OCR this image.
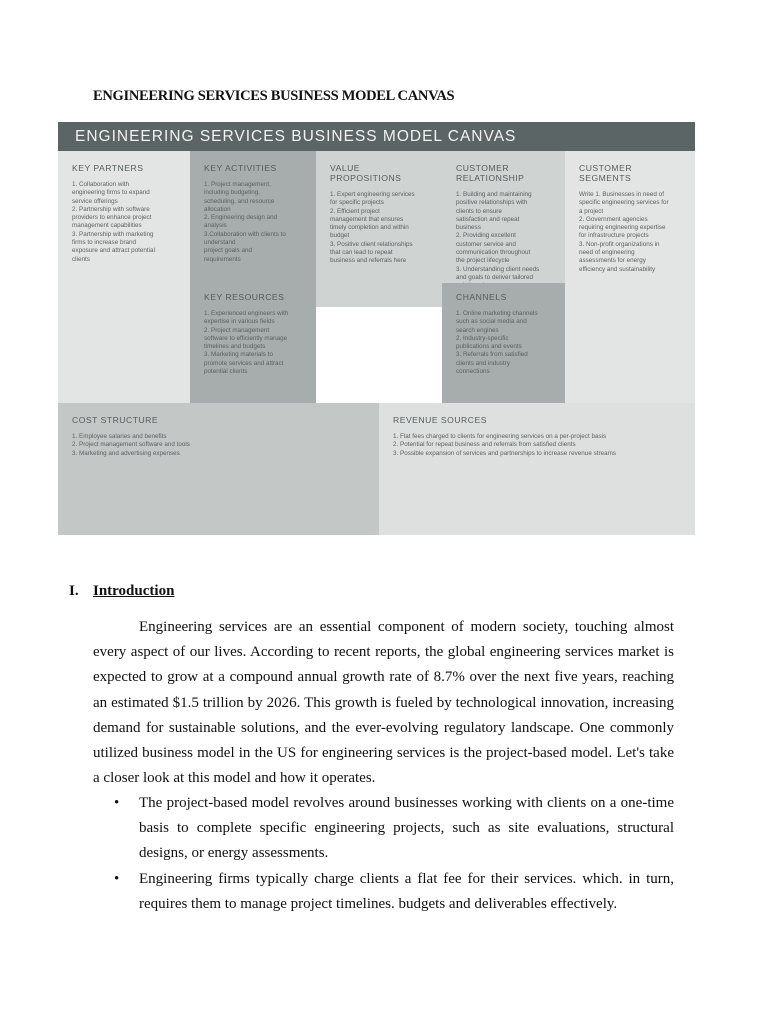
ENGINEERING SERVICES BUSINESS MODEL CANVAS
ENGINEERING SERVICES BUSINESS MODEL CANVAS
KEY PARTNERS
1. Collaboration with
engineering firms to expand
service offerings
2. Partnership with software
providers to enhance project
management capabilities
3. Partnership with marketing
firms to increase brand
exposure and attract potential
clients
KEY ACTIVITIES
1. Project management,
including budgeting,
scheduling, and resource
allocation
2. Engineering design and
analysis
3.Collaboration with clients to
understand
project goals and
requirements
KEY RESOURCES
1. Experienced engineers with
expertise in various fields
2. Project management
software to efficiently manage
timelines and budgets
3. Marketing materials to
promote services and attract
potential clients
VALUE PROPOSITIONS
1. Expert engineering services
for specific projects
2. Efficient project
management that ensures
timely completion and within
budget
3. Positive client relationships
that can lead to repeat
business and referrals here
CUSTOMER
RELATIONSHIP
1. Building and maintaining
positive relationships with
clients to ensure
satisfaction and repeat
business
2. Providing excellent
customer service and
communication throughout
the project lifecycle
3. Understanding client needs
and goals to deliver tailored
CHANNELS
1. Online marketing channels
such as social media and
search engines
2. Industry-specific
publications and events
3. Referrals from satisfied
clients and industry
connections
CUSTOMER SEGMENTS
Write 1. Businesses in need of
specific engineering services for
a project
2. Government agencies
requiring engineering expertise
for infrastructure projects
3. Non-profit organizations in
need of engineering
assessments for energy
efficiency and sustainability
COST STRUCTURE
1. Employee salaries and benefits
2. Project management software and tools
3. Marketing and advertising expenses
REVENUE SOURCES
1. Flat fees charged to clients for engineering services on a per-project basis
2. Potential for repeat business and referrals from satisfied clients
3. Possible expansion of services and partnerships to increase revenue streams
I. Introduction

Engineering services are an essential component of modern society, touching almost every aspect of our lives. According to recent reports, the global engineering services market is expected to grow at a compound annual growth rate of 8.7% over the next five years, reaching an estimated $1.5 trillion by 2026. This growth is fueled by technological innovation, increasing demand for sustainable solutions, and the ever-evolving regulatory landscape. One commonly utilized business model in the US for engineering services is the project-based model. Let's take a closer look at this model and how it operates.

• The project-based model revolves around businesses working with clients on a one-time basis to complete specific engineering projects, such as site evaluations, structural designs, or energy assessments.
• Engineering firms typically charge clients a flat fee for their services. which. in turn, requires them to manage project timelines. budgets and deliverables effectively.
